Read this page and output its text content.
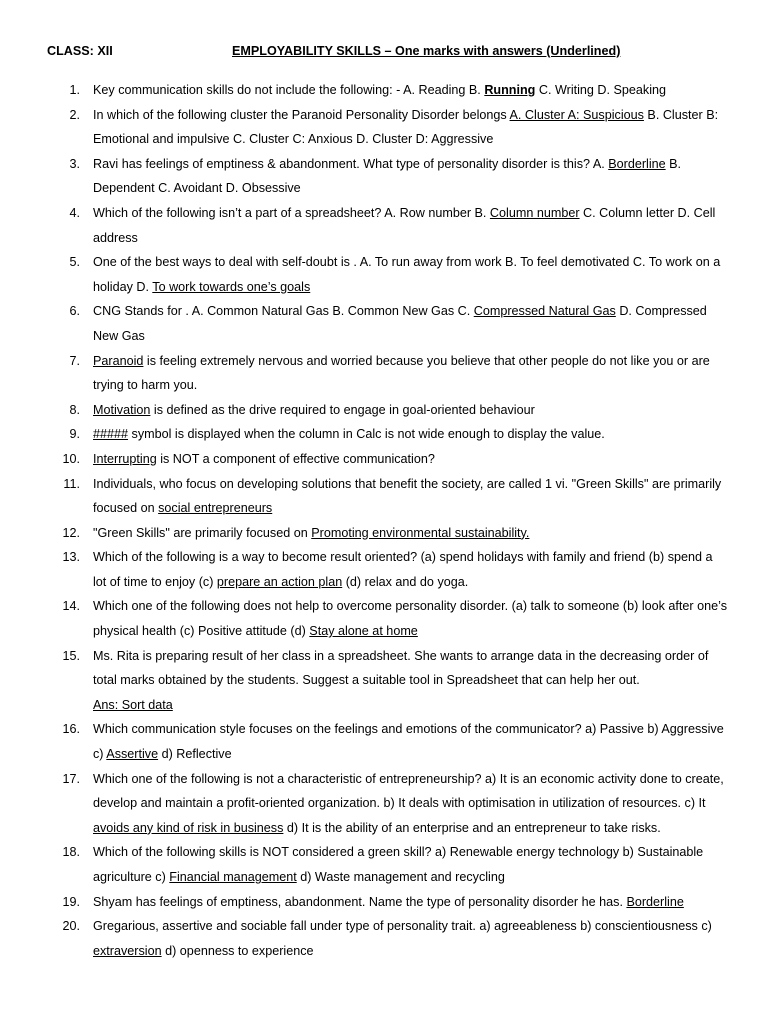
CLASS: XII	EMPLOYABILITY SKILLS – One marks with answers (Underlined)
1. Key communication skills do not include the following: - A. Reading B. Running C. Writing D. Speaking
2. In which of the following cluster the Paranoid Personality Disorder belongs A. Cluster A: Suspicious B. Cluster B: Emotional and impulsive C. Cluster C: Anxious D. Cluster D: Aggressive
3. Ravi has feelings of emptiness & abandonment. What type of personality disorder is this? A. Borderline B. Dependent C. Avoidant D. Obsessive
4. Which of the following isn’t a part of a spreadsheet? A. Row number B. Column number C. Column letter D. Cell address
5. One of the best ways to deal with self-doubt is . A. To run away from work B. To feel demotivated C. To work on a holiday D. To work towards one’s goals
6. CNG Stands for . A. Common Natural Gas B. Common New Gas C. Compressed Natural Gas D. Compressed New Gas
7. Paranoid is feeling extremely nervous and worried because you believe that other people do not like you or are trying to harm you.
8. Motivation is defined as the drive required to engage in goal-oriented behaviour
9. ##### symbol is displayed when the column in Calc is not wide enough to display the value.
10. Interrupting is NOT a component of effective communication?
11. Individuals, who focus on developing solutions that benefit the society, are called 1 vi. "Green Skills" are primarily focused on social entrepreneurs
12. "Green Skills" are primarily focused on Promoting environmental sustainability.
13. Which of the following is a way to become result oriented? (a) spend holidays with family and friend (b) spend a lot of time to enjoy (c) prepare an action plan (d) relax and do yoga.
14. Which one of the following does not help to overcome personality disorder. (a) talk to someone (b) look after one’s physical health (c) Positive attitude (d) Stay alone at home
15. Ms. Rita is preparing result of her class in a spreadsheet. She wants to arrange data in the decreasing order of total marks obtained by the students. Suggest a suitable tool in Spreadsheet that can help her out.
Ans: Sort data
16. Which communication style focuses on the feelings and emotions of the communicator? a) Passive b) Aggressive c) Assertive d) Reflective
17. Which one of the following is not a characteristic of entrepreneurship? a) It is an economic activity done to create, develop and maintain a profit-oriented organization. b) It deals with optimisation in utilization of resources. c) It avoids any kind of risk in business d) It is the ability of an enterprise and an entrepreneur to take risks.
18. Which of the following skills is NOT considered a green skill? a) Renewable energy technology b) Sustainable agriculture c) Financial management d) Waste management and recycling
19. Shyam has feelings of emptiness, abandonment. Name the type of personality disorder he has. Borderline
20. Gregarious, assertive and sociable fall under type of personality trait. a) agreeableness b) conscientiousness c) extraversion d) openness to experience
